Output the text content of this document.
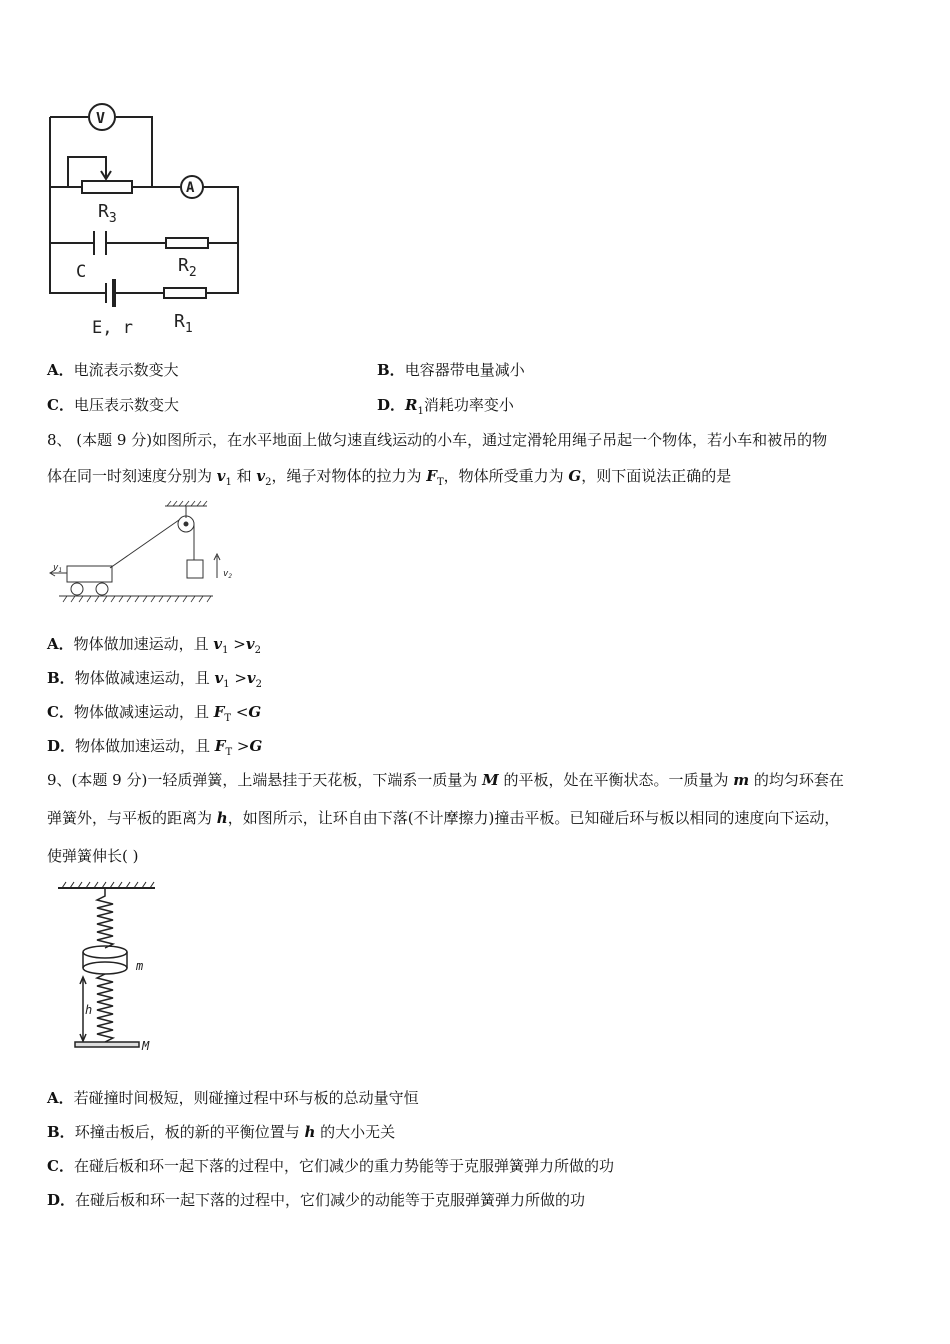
V
A
$R_3$
C	$R_2$
E, r $R_1$
A．电流表示数变大	B．电容器带电量减小
C．电压表示数变大	D．$R_1$消耗功率变小
8、 (本题 9 分)如图所示，在水平地面上做匀速直线运动的小车，通过定滑轮用绳子吊起一个物体，若小车和被吊的物
体在同一时刻速度分别为 $v_1$ 和 $v_2$，绳子对物体的拉力为 $F_T$，物体所受重力为 G，则下面说法正确的是
$v_1$	$v_2$
A．物体做加速运动，且 $v_1 >v_2$
B．物体做减速运动，且 $v_1 >v_2$
C．物体做减速运动，且 $F_T <G$
D．物体做加速运动，且 $F_T >G$
9、(本题 9 分)一轻质弹簧，上端悬挂于天花板，下端系一质量为 M 的平板，处在平衡状态。一质量为 m 的均匀环套在
弹簧外，与平板的距离为 h，如图所示，让环自由下落(不计摩擦力)撞击平板。已知碰后环与板以相同的速度向下运动，
使弹簧伸长( )
m
h
M
A．若碰撞时间极短，则碰撞过程中环与板的总动量守恒
B．环撞击板后，板的新的平衡位置与 h 的大小无关
C．在碰后板和环一起下落的过程中，它们减少的重力势能等于克服弹簧弹力所做的功
D．在碰后板和环一起下落的过程中，它们减少的动能等于克服弹簧弹力所做的功
